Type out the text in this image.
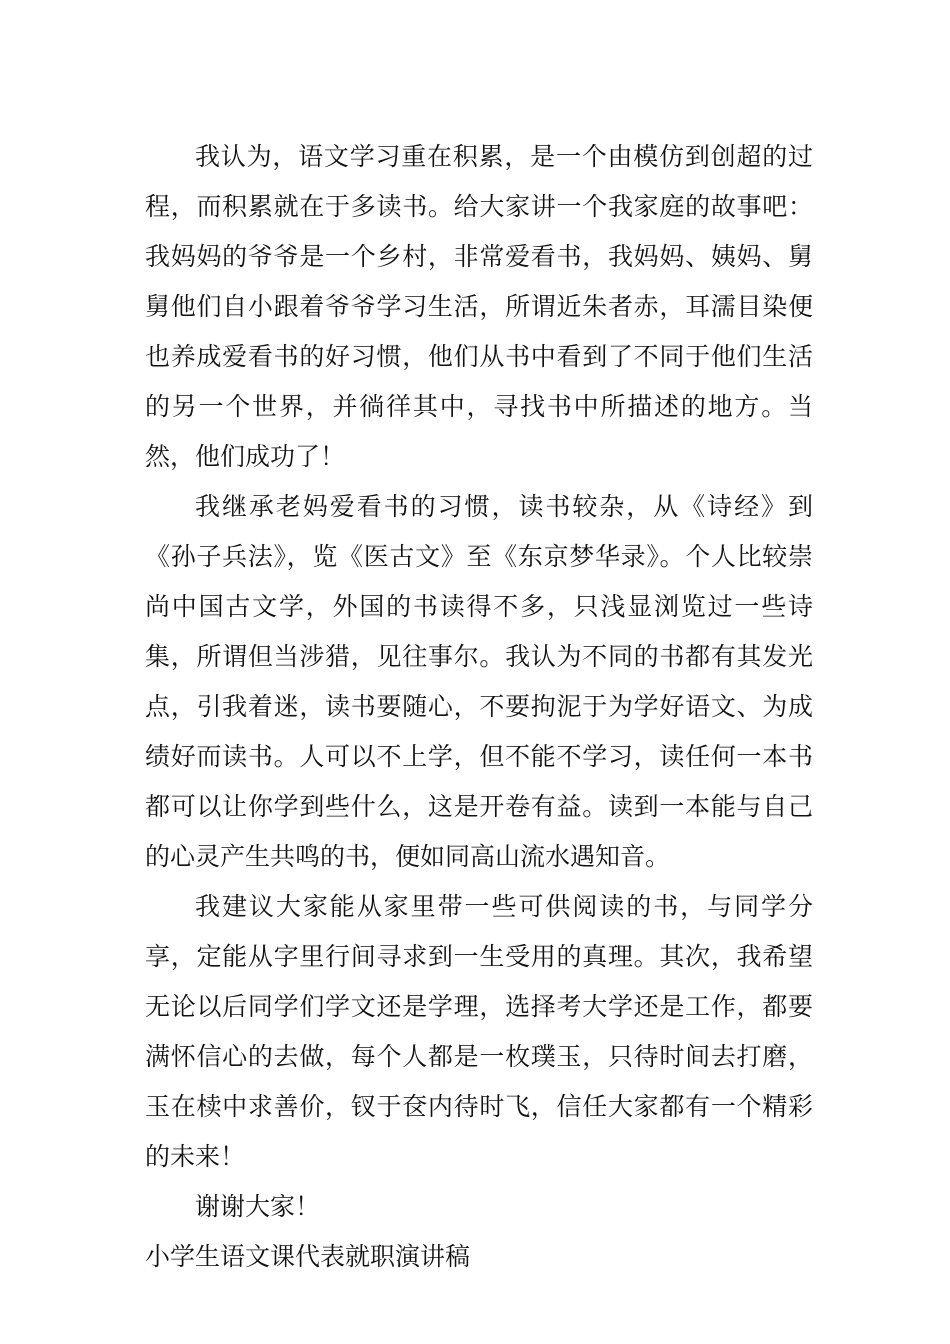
我认为，语文学习重在积累，是一个由模仿到创超的过程，而积累就在于多读书。给大家讲一个我家庭的故事吧：我妈妈的爷爷是一个乡村，非常爱看书，我妈妈、姨妈、舅舅他们自小跟着爷爷学习生活，所谓近朱者赤，耳濡目染便也养成爱看书的好习惯，他们从书中看到了不同于他们生活的另一个世界，并徜徉其中，寻找书中所描述的地方。当然，他们成功了！

我继承老妈爱看书的习惯，读书较杂，从《诗经》到《孙子兵法》，览《医古文》至《东京梦华录》。个人比较崇尚中国古文学，外国的书读得不多，只浅显浏览过一些诗集，所谓但当涉猎，见往事尔。我认为不同的书都有其发光点，引我着迷，读书要随心，不要拘泥于为学好语文、为成绩好而读书。人可以不上学，但不能不学习，读任何一本书都可以让你学到些什么，这是开卷有益。读到一本能与自己的心灵产生共鸣的书，便如同高山流水遇知音。

我建议大家能从家里带一些可供阅读的书，与同学分享，定能从字里行间寻求到一生受用的真理。其次，我希望无论以后同学们学文还是学理，选择考大学还是工作，都要满怀信心的去做，每个人都是一枚璞玉，只待时间去打磨，玉在椟中求善价，钗于奁内待时飞，信任大家都有一个精彩的未来！

谢谢大家！

小学生语文课代表就职演讲稿
